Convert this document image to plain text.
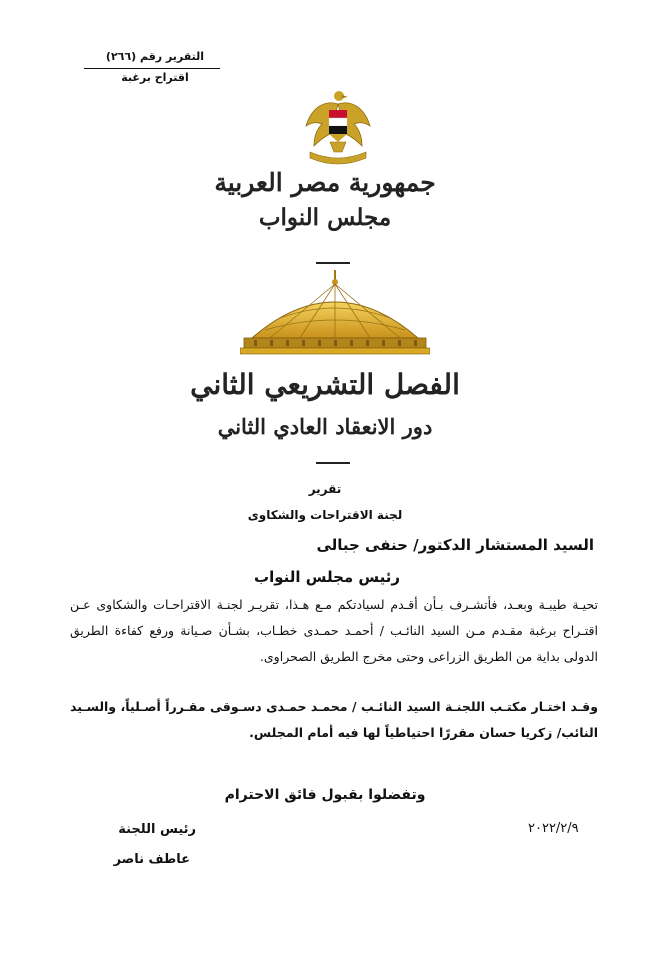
التقرير رقم (٢٦٦)
اقتراح برغبة
جمهورية مصر العربية
مجلس النواب
الفصل التشريعي الثاني
دور الانعقاد العادي الثاني
تقرير
لجنة الاقتراحات والشكاوى
السيد المستشار الدكتور/ حنفى جبالى
رئيس مجلس النواب
تحيـة طيبـة وبعـد، فأتشـرف بـأن أقـدم لسيادتكم مـع هـذا، تقريـر لجنـة الاقتراحـات والشكاوى عـن اقتـراح برغبة مقـدم مـن السيد النائـب / أحمـد حمـدى خطـاب، بشـأن صـيانة ورفع كفاءة الطريق الدولى بداية من الطريق الزراعى وحتى مخرج الطريق الصحراوى.
وقـد اختـار مكتـب اللجنـة السيد النائـب / محمـد حمـدى دسـوقى مقـرراً أصـلياً، والسـيد النائب/ زكريا حسان مقررًا احتياطياً لها فيه أمام المجلس.
وتفضلوا بقبول فائق الاحترام
رئيس اللجنة
عاطف ناصر
٢٠٢٢/٢/٩
